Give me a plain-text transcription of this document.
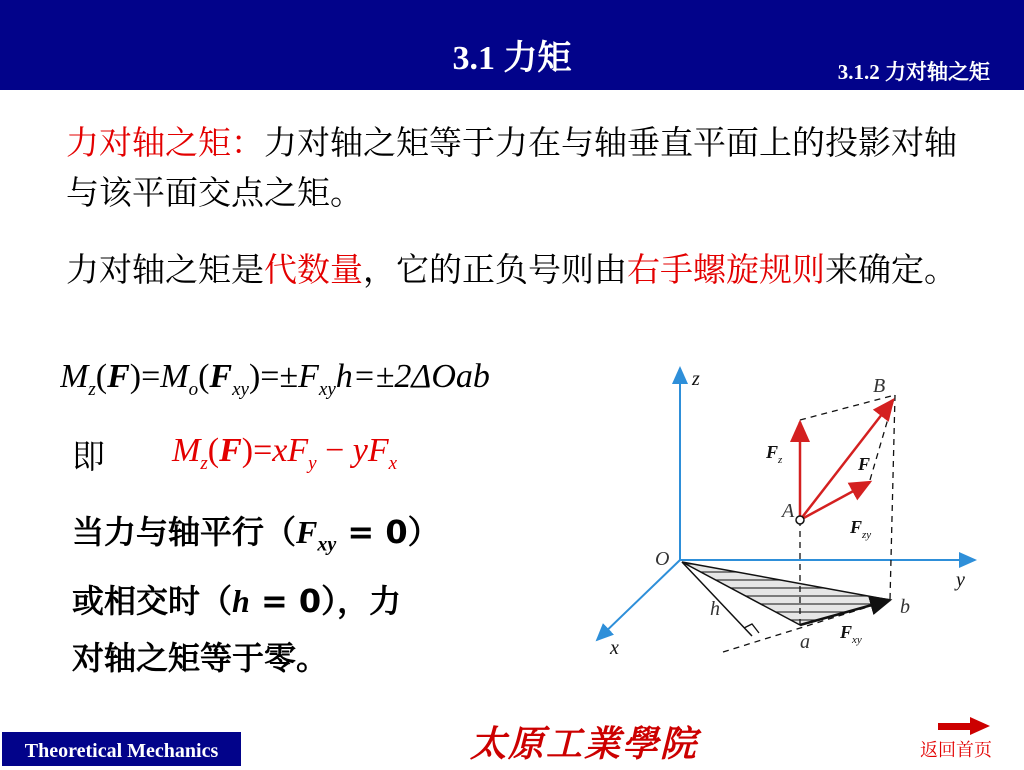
3.1 力矩	3.1.2 力对轴之矩
力对轴之矩：力对轴之矩等于力在与轴垂直平面上的投影对轴与该平面交点之矩。
力对轴之矩是代数量，它的正负号则由右手螺旋规则来确定。
$M_z(F)=M_o(F_{xy})=\pm F_{xy}h=\pm 2\Delta Oab$
即 $M_z(F)=xF_y - yF_x$
当力与轴平行$(F_{xy} = 0)$
或相交时（h = 0），力
对轴之矩等于零。
z
y
x
O
A
B
a
b
h
$F_z$	F
$F_{zy}$
$F_{xy}$
Theoretical Mechanics	太原工業學院	返回首页
